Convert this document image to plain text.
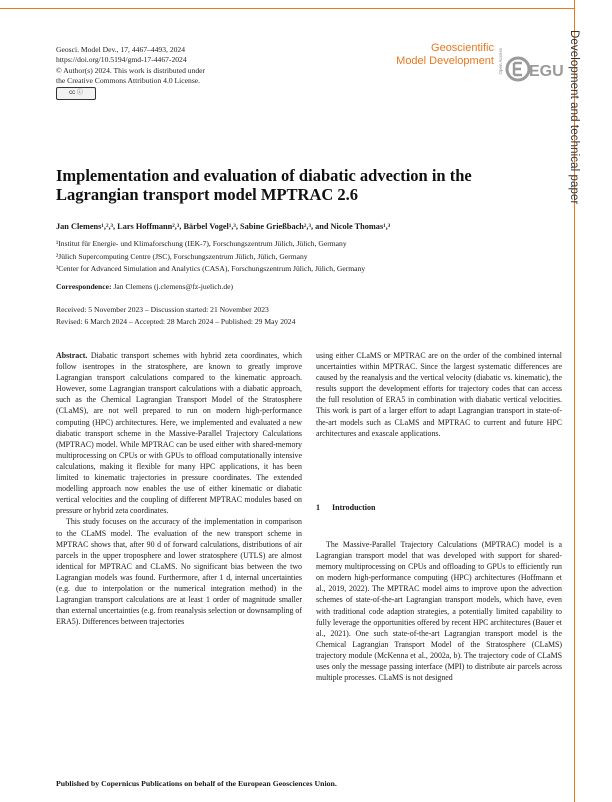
Development and technical paper
Geosci. Model Dev., 17, 4467–4493, 2024
https://doi.org/10.5194/gmd-17-4467-2024
© Author(s) 2024. This work is distributed under
the Creative Commons Attribution 4.0 License.
cc ⓘ
Geoscientific
Model Development Open Access EGU
Implementation and evaluation of diabatic advection in the Lagrangian transport model MPTRAC 2.6
Jan Clemens¹,²,³, Lars Hoffmann²,³, Bärbel Vogel¹,³, Sabine Grießbach²,³, and Nicole Thomas¹,³
¹Institut für Energie- und Klimaforschung (IEK-7), Forschungszentrum Jülich, Jülich, Germany
²Jülich Supercomputing Centre (JSC), Forschungszentrum Jülich, Jülich, Germany
³Center for Advanced Simulation and Analytics (CASA), Forschungszentrum Jülich, Jülich, Germany
Correspondence: Jan Clemens (j.clemens@fz-juelich.de)
Received: 5 November 2023 – Discussion started: 21 November 2023
Revised: 6 March 2024 – Accepted: 28 March 2024 – Published: 29 May 2024

Abstract. Diabatic transport schemes with hybrid zeta coordinates, which follow isentropes in the stratosphere, are known to greatly improve Lagrangian transport calculations compared to the kinematic approach. However, some Lagrangian transport calculations with a diabatic approach, such as the Chemical Lagrangian Transport Model of the Stratosphere (CLaMS), are not well prepared to run on modern high-performance computing (HPC) architectures. Here, we implemented and evaluated a new diabatic transport scheme in the Massive-Parallel Trajectory Calculations (MPTRAC) model. While MPTRAC can be used either with shared-memory multiprocessing on CPUs or with GPUs to offload computationally intensive calculations, making it flexible for many HPC applications, it has been limited to kinematic trajectories in pressure coordinates. The extended modelling approach now enables the use of either kinematic or diabatic vertical velocities and the coupling of different MPTRAC modules based on pressure or hybrid zeta coordinates.

This study focuses on the accuracy of the implementation in comparison to the CLaMS model. The evaluation of the new transport scheme in MPTRAC shows that, after 90 d of forward calculations, distributions of air parcels in the upper troposphere and lower stratosphere (UTLS) are almost identical for MPTRAC and CLaMS. No significant bias between the two Lagrangian models was found. Furthermore, after 1 d, internal uncertainties (e.g. due to interpolation or the numerical integration method) in the Lagrangian transport calculations are at least 1 order of magnitude smaller than external uncertainties (e.g. from reanalysis selection or downsampling of ERA5). Differences between trajectories

using either CLaMS or MPTRAC are on the order of the combined internal uncertainties within MPTRAC. Since the largest systematic differences are caused by the reanalysis and the vertical velocity (diabatic vs. kinematic), the results support the development efforts for trajectory codes that can access the full resolution of ERA5 in combination with diabatic vertical velocities. This work is part of a larger effort to adapt Lagrangian transport in state-of-the-art models such as CLaMS and MPTRAC to current and future HPC architectures and exascale applications.

1 Introduction

The Massive-Parallel Trajectory Calculations (MPTRAC) model is a Lagrangian transport model that was developed with support for shared-memory multiprocessing on CPUs and offloading to GPUs to efficiently run on modern high-performance computing (HPC) architectures (Hoffmann et al., 2019, 2022). The MPTRAC model aims to improve upon the advection schemes of state-of-the-art Lagrangian transport models, which have, even with traditional code adaption strategies, a potentially limited capability to fully leverage the opportunities offered by recent HPC architectures (Bauer et al., 2021). One such state-of-the-art Lagrangian transport model is the Chemical Lagrangian Transport Model of the Stratosphere (CLaMS) trajectory module (McKenna et al., 2002a, b). The trajectory code of CLaMS uses only the message passing interface (MPI) to distribute air parcels across multiple processes. CLaMS is not designed

Published by Copernicus Publications on behalf of the European Geosciences Union.
